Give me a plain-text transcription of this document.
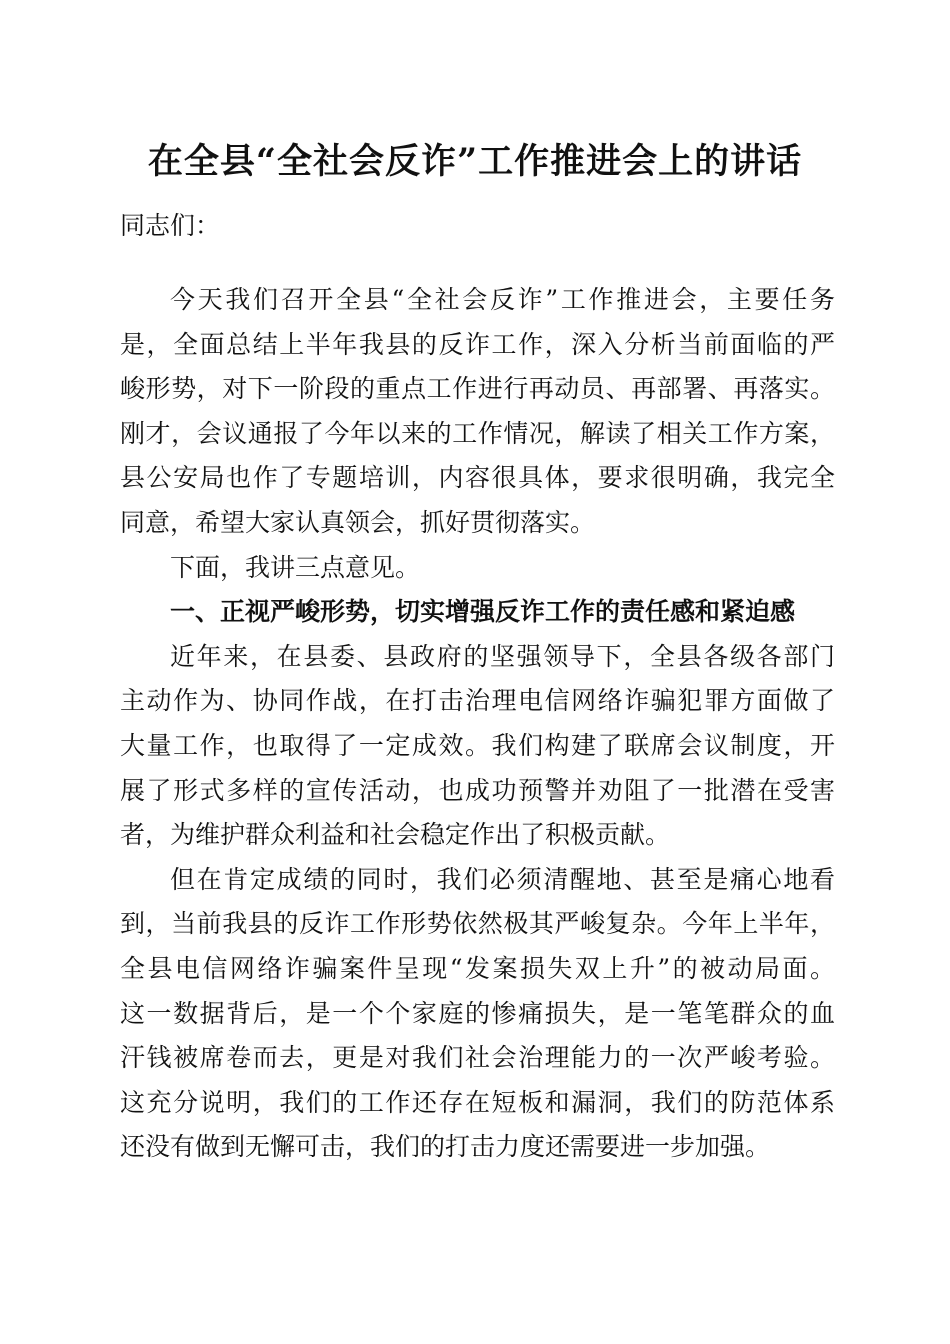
在全县“全社会反诈”工作推进会上的讲话
同志们：
今天我们召开全县“全社会反诈”工作推进会，主要任务
是，全面总结上半年我县的反诈工作，深入分析当前面临的严
峻形势，对下一阶段的重点工作进行再动员、再部署、再落实。
刚才，会议通报了今年以来的工作情况，解读了相关工作方案，
县公安局也作了专题培训，内容很具体，要求很明确，我完全
同意，希望大家认真领会，抓好贯彻落实。
下面，我讲三点意见。
一、正视严峻形势，切实增强反诈工作的责任感和紧迫感
近年来，在县委、县政府的坚强领导下，全县各级各部门
主动作为、协同作战，在打击治理电信网络诈骗犯罪方面做了
大量工作，也取得了一定成效。我们构建了联席会议制度，开
展了形式多样的宣传活动，也成功预警并劝阻了一批潜在受害
者，为维护群众利益和社会稳定作出了积极贡献。
但在肯定成绩的同时，我们必须清醒地、甚至是痛心地看
到，当前我县的反诈工作形势依然极其严峻复杂。今年上半年，
全县电信网络诈骗案件呈现“发案损失双上升”的被动局面。
这一数据背后，是一个个家庭的惨痛损失，是一笔笔群众的血
汗钱被席卷而去，更是对我们社会治理能力的一次严峻考验。
这充分说明，我们的工作还存在短板和漏洞，我们的防范体系
还没有做到无懈可击，我们的打击力度还需要进一步加强。
